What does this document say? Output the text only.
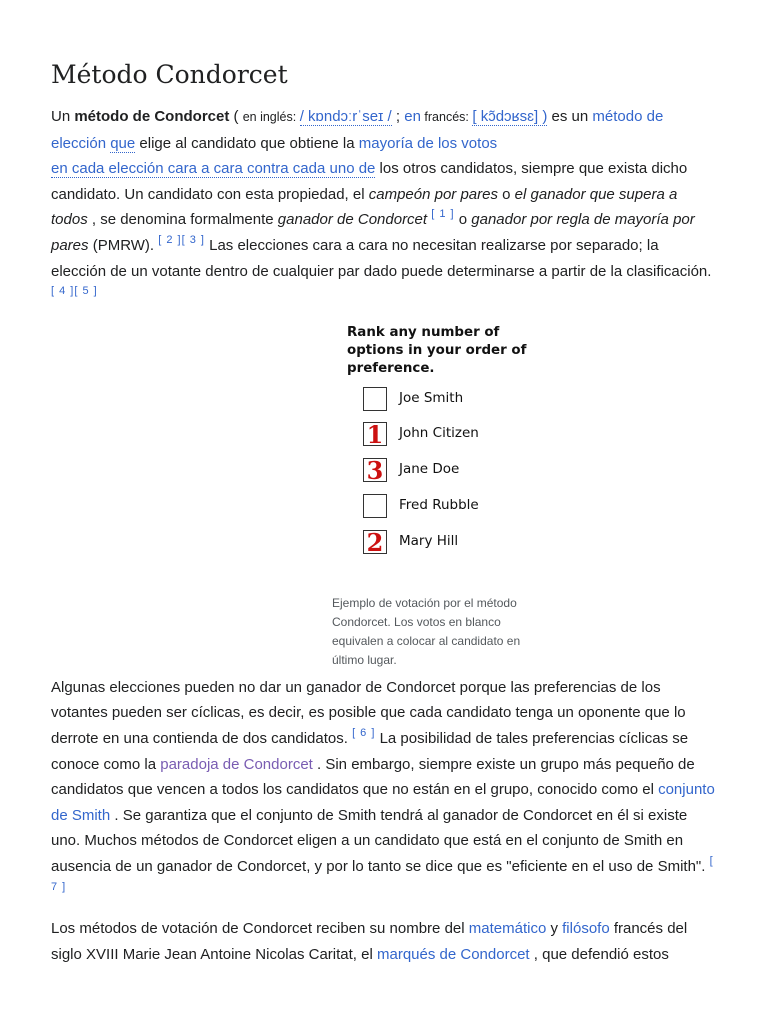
Método Condorcet

Un método de Condorcet ( en inglés: / kɒndɔːrˈseɪ / ; en francés: [ kɔ̃dɔʁsɛ] ) es un método de elección que elige al candidato que obtiene la mayoría de los votos
en cada elección cara a cara contra cada uno de los otros candidatos, siempre que exista dicho candidato. Un candidato con esta propiedad, el campeón por pares o el ganador que supera a todos , se denomina formalmente ganador de Condorcet [ 1 ] o ganador por regla de mayoría por pares (PMRW). [ 2 ][ 3 ] Las elecciones cara a cara no necesitan realizarse por separado; la elección de un votante dentro de cualquier par dado puede determinarse a partir de la clasificación. [ 4 ][ 5 ]

Rank any number of options in your order of preference.
Joe Smith
1 John Citizen
3 Jane Doe
Fred Rubble
2 Mary Hill
Ejemplo de votación por el método Condorcet. Los votos en blanco equivalen a colocar al candidato en último lugar.

Algunas elecciones pueden no dar un ganador de Condorcet porque las preferencias de los votantes pueden ser cíclicas, es decir, es posible que cada candidato tenga un oponente que lo derrote en una contienda de dos candidatos. [ 6 ] La posibilidad de tales preferencias cíclicas se conoce como la paradoja de Condorcet . Sin embargo, siempre existe un grupo más pequeño de candidatos que vencen a todos los candidatos que no están en el grupo, conocido como el conjunto de Smith . Se garantiza que el conjunto de Smith tendrá al ganador de Condorcet en él si existe uno. Muchos métodos de Condorcet eligen a un candidato que está en el conjunto de Smith en ausencia de un ganador de Condorcet, y por lo tanto se dice que es "eficiente en el uso de Smith". [ 7 ]

Los métodos de votación de Condorcet reciben su nombre del matemático y filósofo francés del siglo XVIII Marie Jean Antoine Nicolas Caritat, el marqués de Condorcet , que defendió estos
